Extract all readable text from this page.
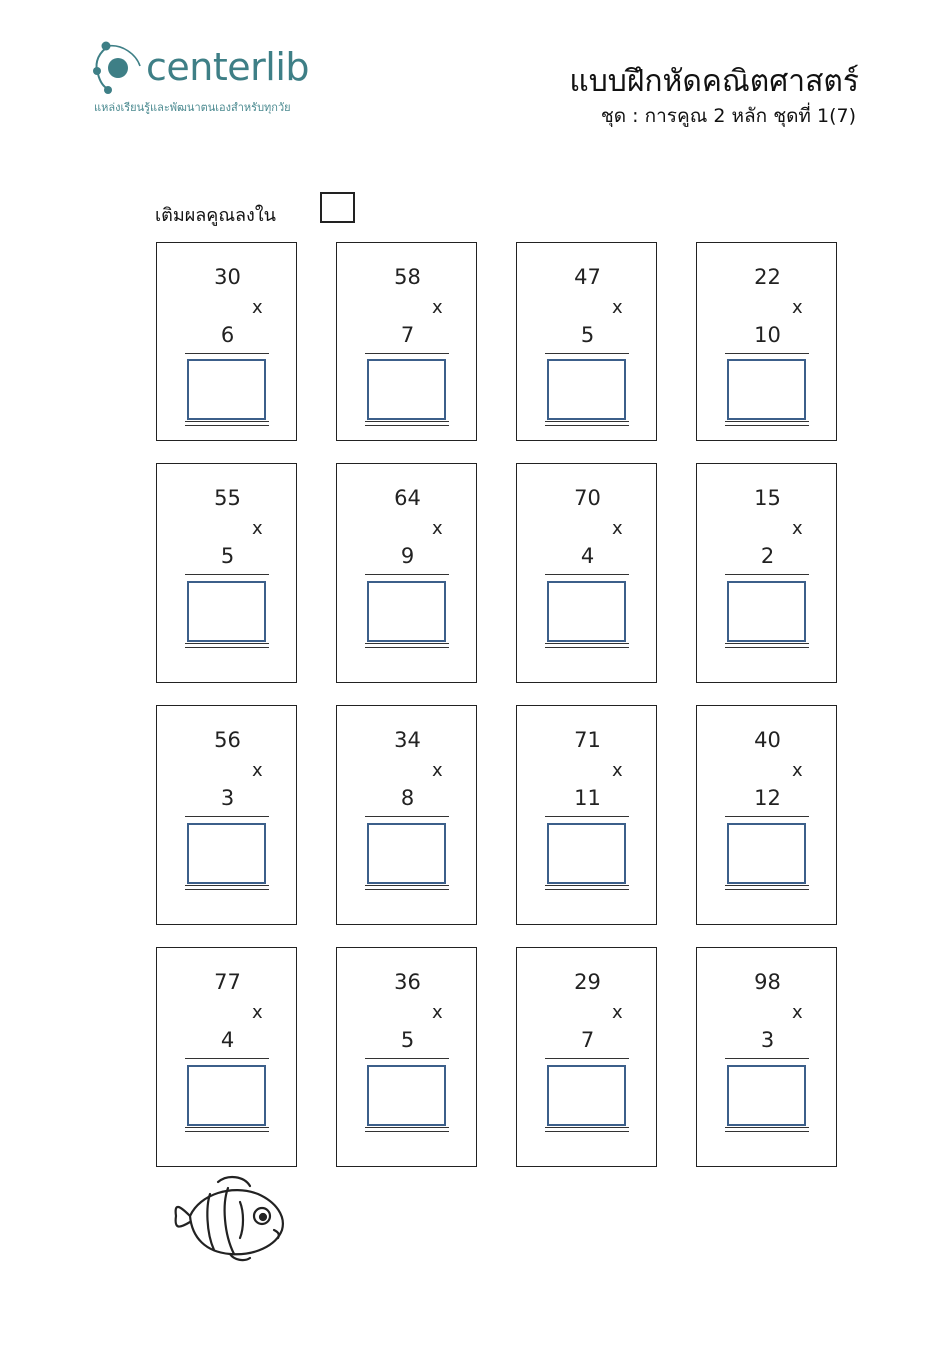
centerlib
แหล่งเรียนรู้และพัฒนาตนเองสำหรับทุกวัย
แบบฝึกหัดคณิตศาสตร์
ชุด : การคูณ 2 หลัก ชุดที่ 1(7)
เติมผลคูณลงใน
30
x
6
58
x
7
47
x
5
22
x
10
55
x
5
64
x
9
70
x
4
15
x
2
56
x
3
34
x
8
71
x
11
40
x
12
77
x
4
36
x
5
29
x
7
98
x
3
